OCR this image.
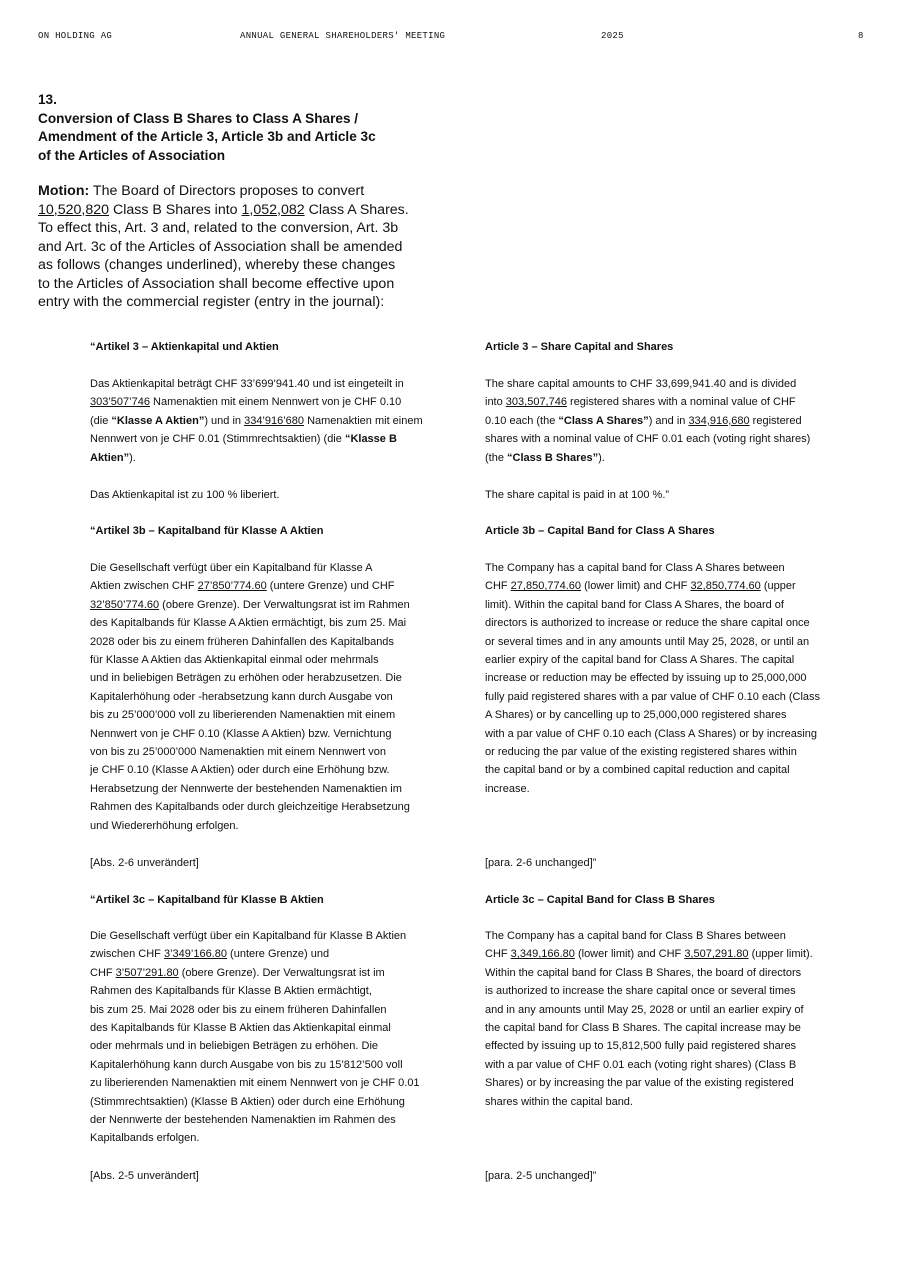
ON HOLDING AG	ANNUAL GENERAL SHAREHOLDERS' MEETING	2025	8
13.
Conversion of Class B Shares to Class A Shares /
Amendment of the Article 3, Article 3b and Article 3c
of the Articles of Association
Motion: The Board of Directors proposes to convert
10,520,820 Class B Shares into 1,052,082 Class A Shares.
To effect this, Art. 3 and, related to the conversion, Art. 3b
and Art. 3c of the Articles of Association shall be amended
as follows (changes underlined), whereby these changes
to the Articles of Association shall become effective upon
entry with the commercial register (entry in the journal):
“Artikel 3 – Aktienkapital und Aktien
Das Aktienkapital beträgt CHF 33’699’941.40 und ist eingeteilt in
303’507’746 Namenaktien mit einem Nennwert von je CHF 0.10
(die “Klasse A Aktien”) und in 334’916’680 Namenaktien mit einem
Nennwert von je CHF 0.01 (Stimmrechtsaktien) (die “Klasse B
Aktien”).
Das Aktienkapital ist zu 100 % liberiert.
“Artikel 3b – Kapitalband für Klasse A Aktien
Die Gesellschaft verfügt über ein Kapitalband für Klasse A
Aktien zwischen CHF 27’850’774.60 (untere Grenze) und CHF
32’850’774.60 (obere Grenze). Der Verwaltungsrat ist im Rahmen
des Kapitalbands für Klasse A Aktien ermächtigt, bis zum 25. Mai
2028 oder bis zu einem früheren Dahinfallen des Kapitalbands
für Klasse A Aktien das Aktienkapital einmal oder mehrmals
und in beliebigen Beträgen zu erhöhen oder herabzusetzen. Die
Kapitalerhöhung oder -herabsetzung kann durch Ausgabe von
bis zu 25’000’000 voll zu liberierenden Namenaktien mit einem
Nennwert von je CHF 0.10 (Klasse A Aktien) bzw. Vernichtung
von bis zu 25’000’000 Namenaktien mit einem Nennwert von
je CHF 0.10 (Klasse A Aktien) oder durch eine Erhöhung bzw.
Herabsetzung der Nennwerte der bestehenden Namenaktien im
Rahmen des Kapitalbands oder durch gleichzeitige Herabsetzung
und Wiedererhöhung erfolgen.
[Abs. 2-6 unverändert]
“Artikel 3c – Kapitalband für Klasse B Aktien
Die Gesellschaft verfügt über ein Kapitalband für Klasse B Aktien
zwischen CHF 3’349’166.80 (untere Grenze) und
CHF 3’507’291.80 (obere Grenze). Der Verwaltungsrat ist im
Rahmen des Kapitalbands für Klasse B Aktien ermächtigt,
bis zum 25. Mai 2028 oder bis zu einem früheren Dahinfallen
des Kapitalbands für Klasse B Aktien das Aktienkapital einmal
oder mehrmals und in beliebigen Beträgen zu erhöhen. Die
Kapitalerhöhung kann durch Ausgabe von bis zu 15’812’500 voll
zu liberierenden Namenaktien mit einem Nennwert von je CHF 0.01
(Stimmrechtsaktien) (Klasse B Aktien) oder durch eine Erhöhung
der Nennwerte der bestehenden Namenaktien im Rahmen des
Kapitalbands erfolgen.
[Abs. 2-5 unverändert]
Article 3 – Share Capital and Shares
The share capital amounts to CHF 33,699,941.40 and is divided
into 303,507,746 registered shares with a nominal value of CHF
0.10 each (the “Class A Shares”) and in 334,916,680 registered
shares with a nominal value of CHF 0.01 each (voting right shares)
(the “Class B Shares”).
The share capital is paid in at 100 %.”
Article 3b – Capital Band for Class A Shares
The Company has a capital band for Class A Shares between
CHF 27,850,774.60 (lower limit) and CHF 32,850,774.60 (upper
limit). Within the capital band for Class A Shares, the board of
directors is authorized to increase or reduce the share capital once
or several times and in any amounts until May 25, 2028, or until an
earlier expiry of the capital band for Class A Shares. The capital
increase or reduction may be effected by issuing up to 25,000,000
fully paid registered shares with a par value of CHF 0.10 each (Class
A Shares) or by cancelling up to 25,000,000 registered shares
with a par value of CHF 0.10 each (Class A Shares) or by increasing
or reducing the par value of the existing registered shares within
the capital band or by a combined capital reduction and capital
increase.
[para. 2-6 unchanged]”
Article 3c – Capital Band for Class B Shares
The Company has a capital band for Class B Shares between
CHF 3,349,166.80 (lower limit) and CHF 3,507,291.80 (upper limit).
Within the capital band for Class B Shares, the board of directors
is authorized to increase the share capital once or several times
and in any amounts until May 25, 2028 or until an earlier expiry of
the capital band for Class B Shares. The capital increase may be
effected by issuing up to 15,812,500 fully paid registered shares
with a par value of CHF 0.01 each (voting right shares) (Class B
Shares) or by increasing the par value of the existing registered
shares within the capital band.
[para. 2-5 unchanged]”
